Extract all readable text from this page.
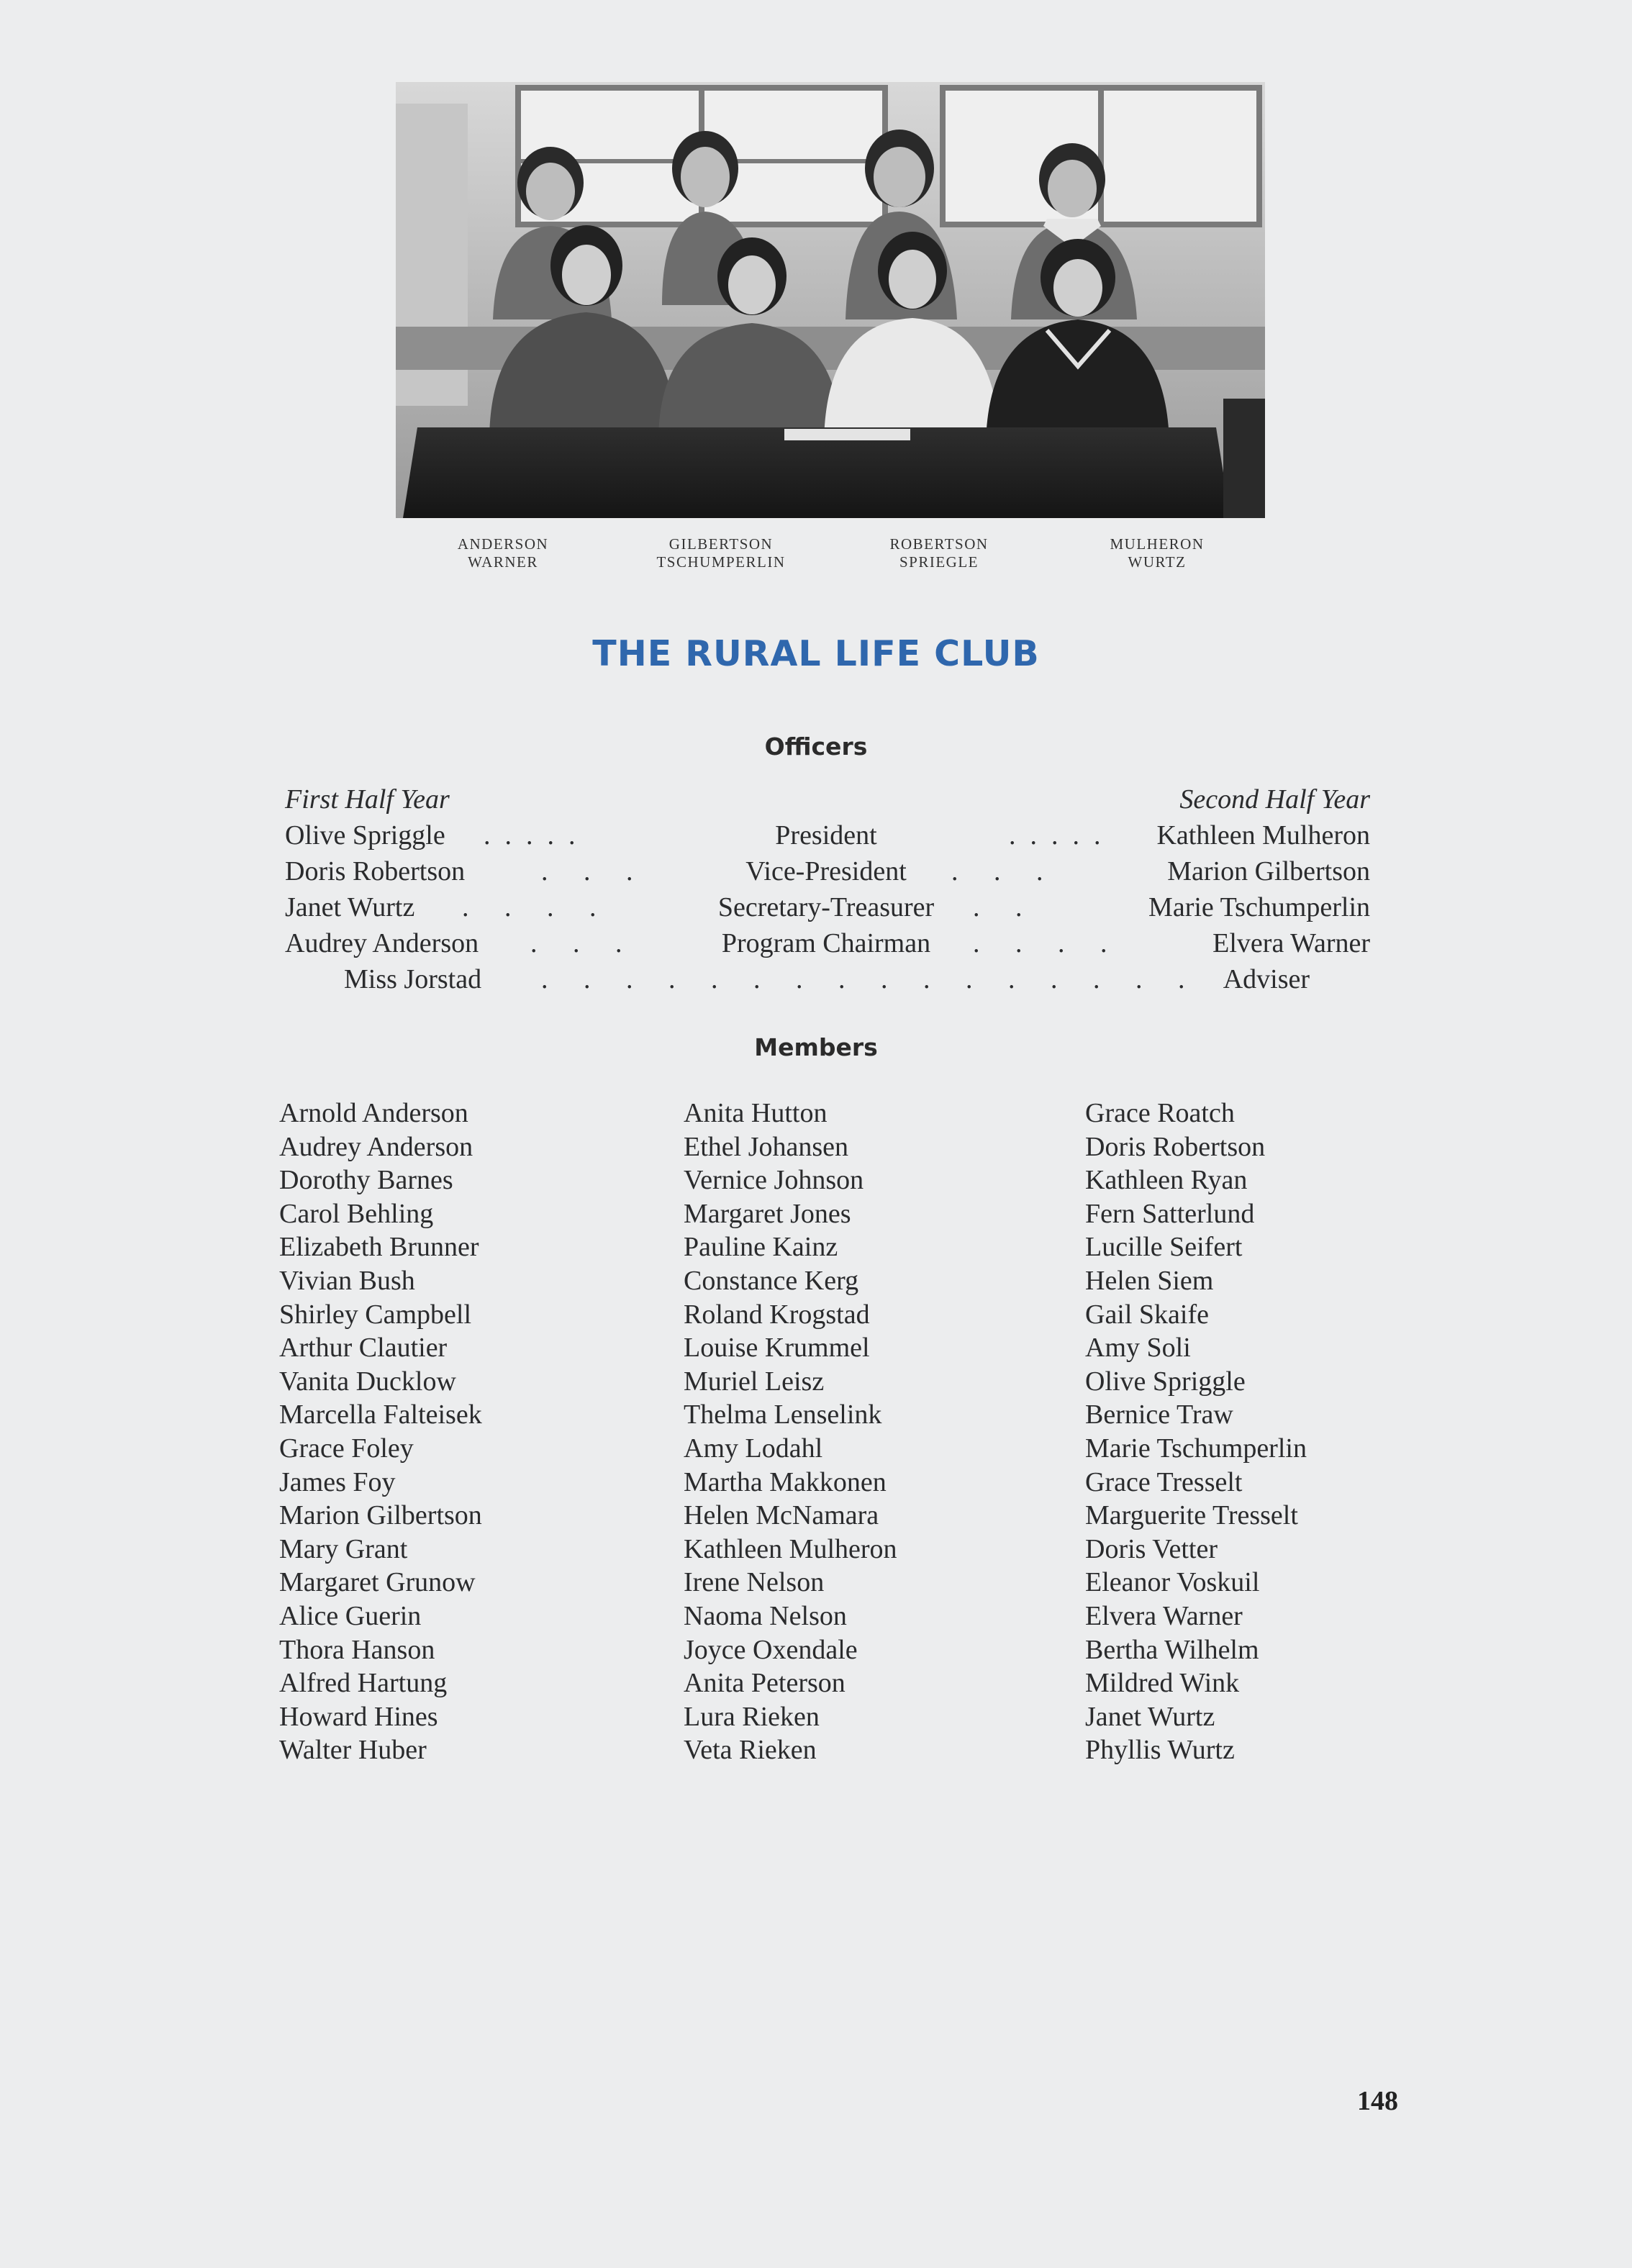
ANDERSON
WARNER
GILBERTSON
TSCHUMPERLIN
ROBERTSON
SPRIEGLE
MULHERON
WURTZ
THE RURAL LIFE CLUB
Officers
First Half Year	Second Half Year
Olive Spriggle .....	President	..... Kathleen Mulheron
Doris Robertson	. . .	Vice-President	. . .	Marion Gilbertson
Janet Wurtz . . . .	Secretary-Treasurer	. .	Marie Tschumperlin
Audrey Anderson . . .	Program Chairman	. . . .	Elvera Warner
Miss Jorstad . . . . . . . . . . . . . . . . Adviser
Members
Arnold Anderson
Audrey Anderson
Dorothy Barnes
Carol Behling
Elizabeth Brunner
Vivian Bush
Shirley Campbell
Arthur Clautier
Vanita Ducklow
Marcella Falteisek
Grace Foley
James Foy
Marion Gilbertson
Mary Grant
Margaret Grunow
Alice Guerin
Thora Hanson
Alfred Hartung
Howard Hines
Walter Huber
Anita Hutton
Ethel Johansen
Vernice Johnson
Margaret Jones
Pauline Kainz
Constance Kerg
Roland Krogstad
Louise Krummel
Muriel Leisz
Thelma Lenselink
Amy Lodahl
Martha Makkonen
Helen McNamara
Kathleen Mulheron
Irene Nelson
Naoma Nelson
Joyce Oxendale
Anita Peterson
Lura Rieken
Veta Rieken
Grace Roatch
Doris Robertson
Kathleen Ryan
Fern Satterlund
Lucille Seifert
Helen Siem
Gail Skaife
Amy Soli
Olive Spriggle
Bernice Traw
Marie Tschumperlin
Grace Tresselt
Marguerite Tresselt
Doris Vetter
Eleanor Voskuil
Elvera Warner
Bertha Wilhelm
Mildred Wink
Janet Wurtz
Phyllis Wurtz
148
